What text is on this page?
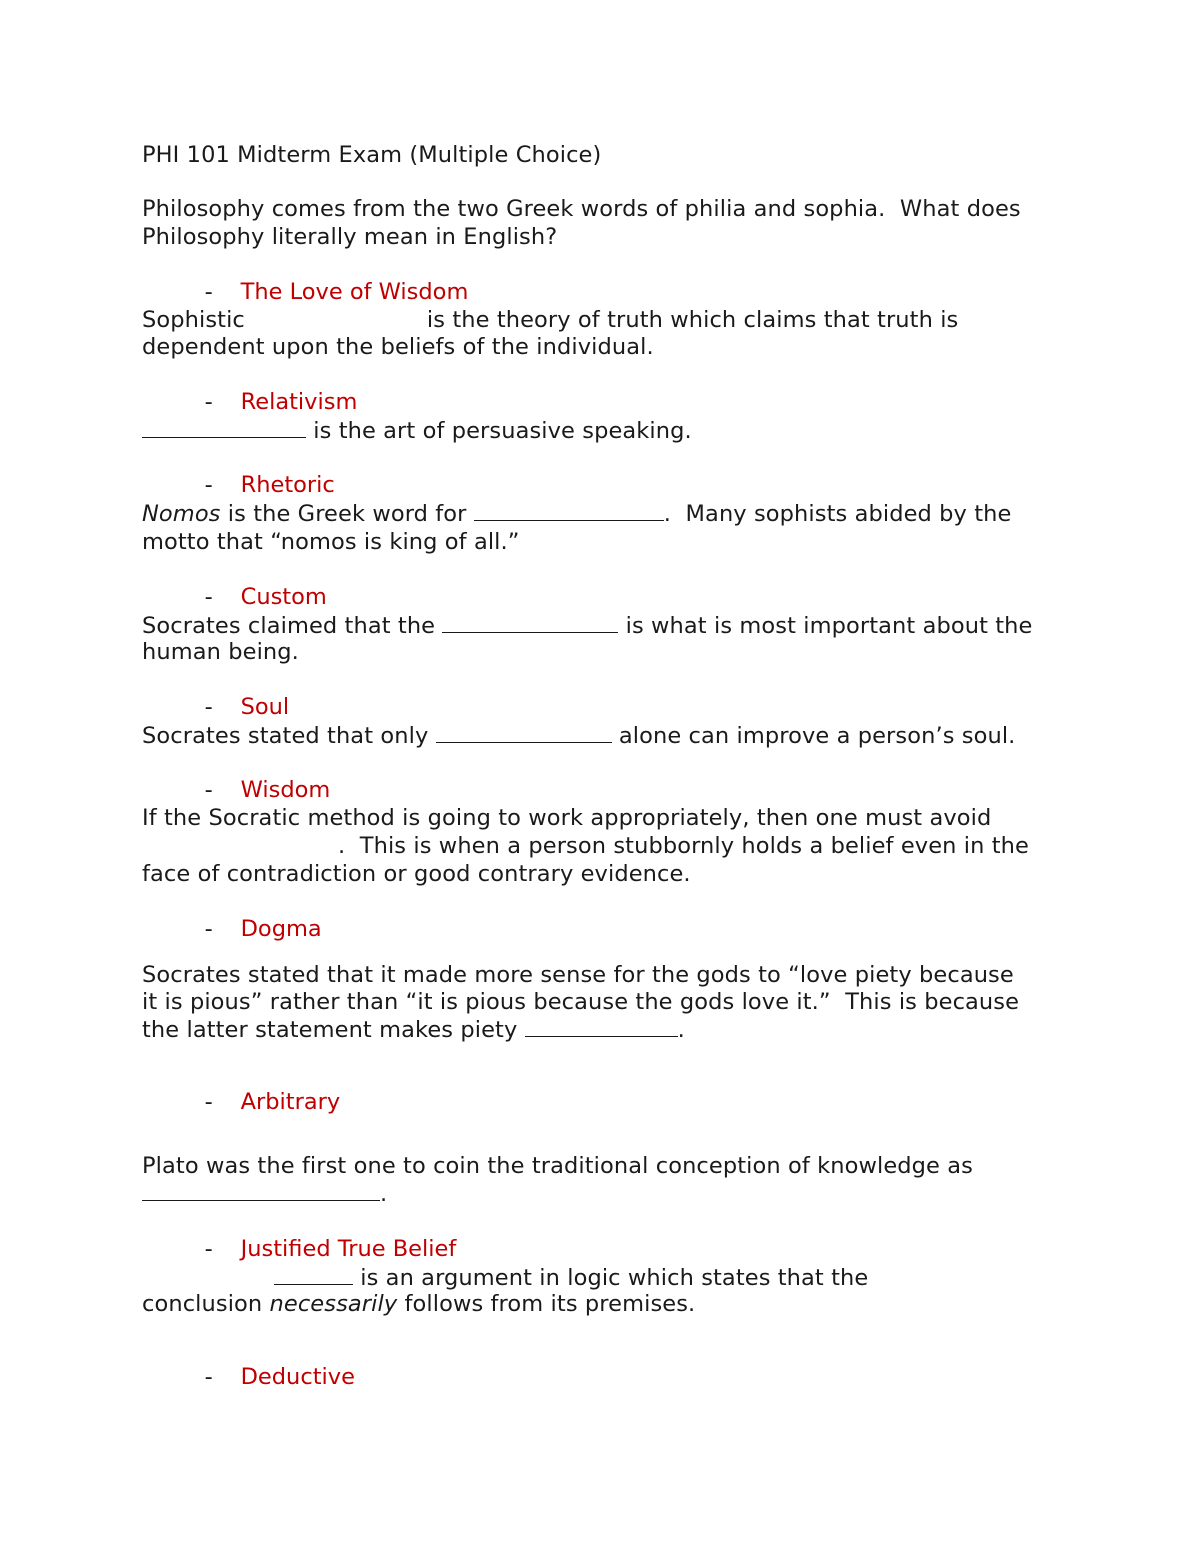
PHI 101 Midterm Exam (Multiple Choice)
Philosophy comes from the two Greek words of philia and sophia.  What does
Philosophy literally mean in English?

- The Love of Wisdom

Sophistic	is the theory of truth which claims that truth is
dependent upon the beliefs of the individual.

- Relativism

is the art of persuasive speaking.

- Rhetoric

Nomos is the Greek word for	.  Many sophists abided by the
motto that “nomos is king of all.”

- Custom

Socrates claimed that the	is what is most important about the
human being.

- Soul

Socrates stated that only	alone can improve a person’s soul.

- Wisdom

If the Socratic method is going to work appropriately, then one must avoid
.  This is when a person stubbornly holds a belief even in the
face of contradiction or good contrary evidence.

- Dogma

Socrates stated that it made more sense for the gods to “love piety because
it is pious” rather than “it is pious because the gods love it.”  This is because
the latter statement makes piety	.

- Arbitrary

Plato was the first one to coin the traditional conception of knowledge as
.

- Justified True Belief

is an argument in logic which states that the
conclusion necessarily follows from its premises.

- Deductive
